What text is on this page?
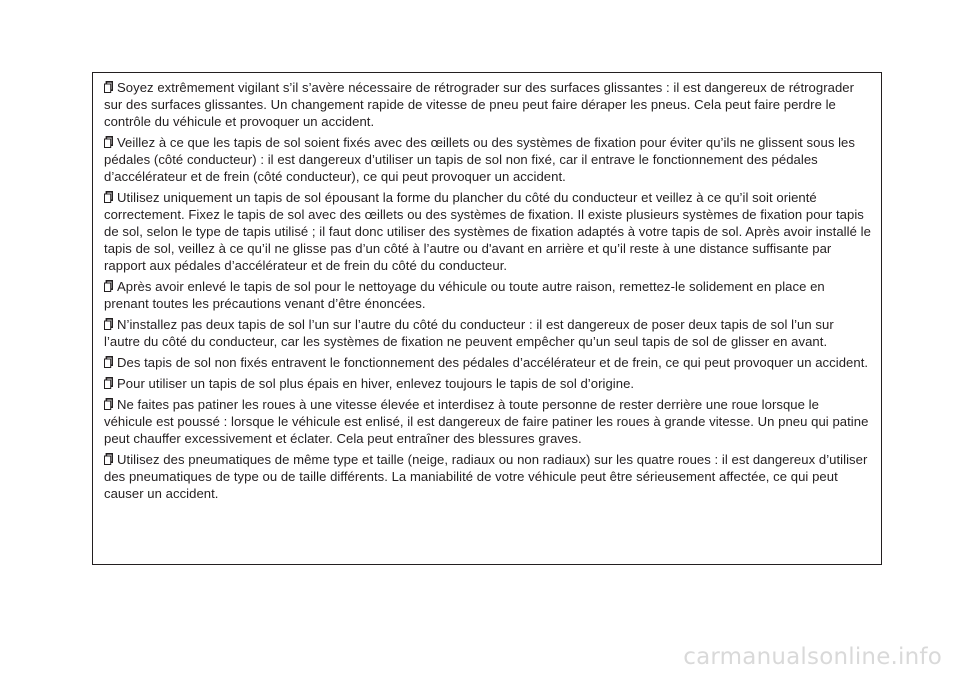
Soyez extrêmement vigilant s’il s’avère nécessaire de rétrograder sur des surfaces glissantes : il est dangereux de rétrograder sur des surfaces glissantes. Un changement rapide de vitesse de pneu peut faire déraper les pneus. Cela peut faire perdre le contrôle du véhicule et provoquer un accident.

Veillez à ce que les tapis de sol soient fixés avec des œillets ou des systèmes de fixation pour éviter qu’ils ne glissent sous les pédales (côté conducteur) : il est dangereux d’utiliser un tapis de sol non fixé, car il entrave le fonctionnement des pédales d’accélérateur et de frein (côté conducteur), ce qui peut provoquer un accident.

Utilisez uniquement un tapis de sol épousant la forme du plancher du côté du conducteur et veillez à ce qu’il soit orienté correctement. Fixez le tapis de sol avec des œillets ou des systèmes de fixation. Il existe plusieurs systèmes de fixation pour tapis de sol, selon le type de tapis utilisé ; il faut donc utiliser des systèmes de fixation adaptés à votre tapis de sol. Après avoir installé le tapis de sol, veillez à ce qu’il ne glisse pas d’un côté à l’autre ou d'avant en arrière et qu’il reste à une distance suffisante par rapport aux pédales d’accélérateur et de frein du côté du conducteur.

Après avoir enlevé le tapis de sol pour le nettoyage du véhicule ou toute autre raison, remettez-le solidement en place en prenant toutes les précautions venant d’être énoncées.

N’installez pas deux tapis de sol l’un sur l’autre du côté du conducteur : il est dangereux de poser deux tapis de sol l’un sur l’autre du côté du conducteur, car les systèmes de fixation ne peuvent empêcher qu’un seul tapis de sol de glisser en avant.

Des tapis de sol non fixés entravent le fonctionnement des pédales d’accélérateur et de frein, ce qui peut provoquer un accident.

Pour utiliser un tapis de sol plus épais en hiver, enlevez toujours le tapis de sol d’origine.

Ne faites pas patiner les roues à une vitesse élevée et interdisez à toute personne de rester derrière une roue lorsque le véhicule est poussé : lorsque le véhicule est enlisé, il est dangereux de faire patiner les roues à grande vitesse. Un pneu qui patine peut chauffer excessivement et éclater. Cela peut entraîner des blessures graves.

Utilisez des pneumatiques de même type et taille (neige, radiaux ou non radiaux) sur les quatre roues : il est dangereux d’utiliser des pneumatiques de type ou de taille différents. La maniabilité de votre véhicule peut être sérieusement affectée, ce qui peut causer un accident.

carmanualsonline.info
